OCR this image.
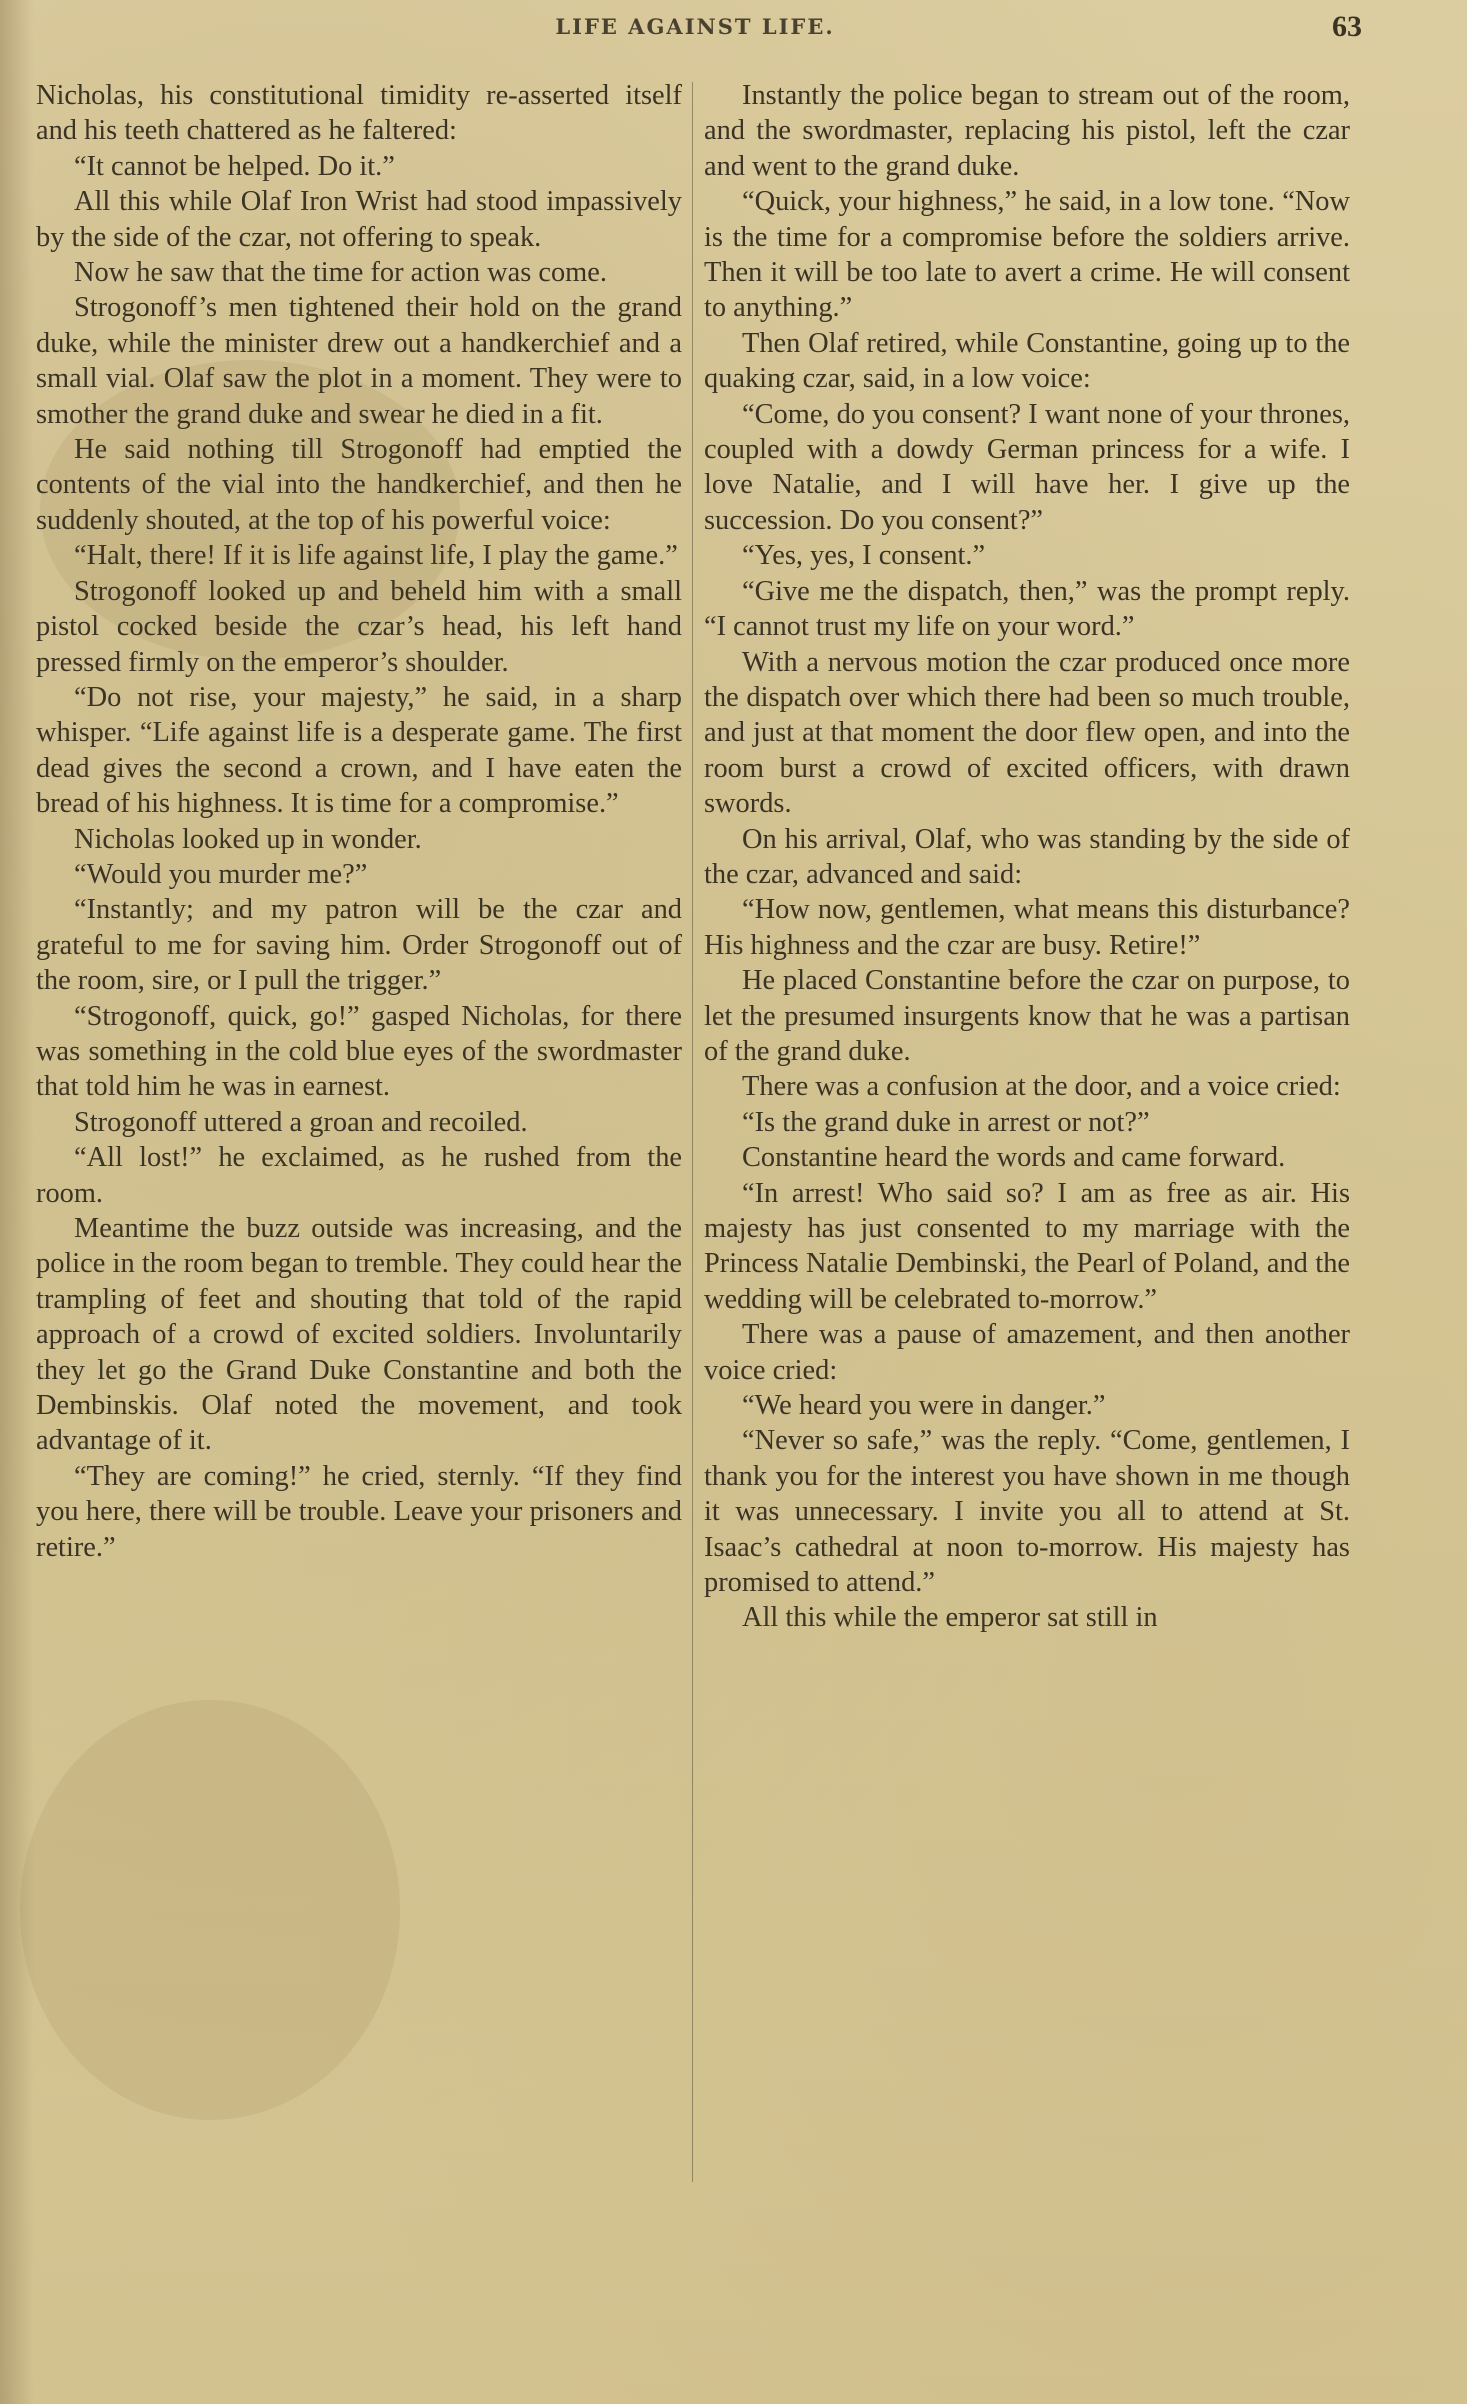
LIFE AGAINST LIFE.	63

Nicholas, his constitutional timidity re-asserted itself and his teeth chattered as he faltered:

“It cannot be helped. Do it.”

All this while Olaf Iron Wrist had stood impassively by the side of the czar, not offering to speak.

Now he saw that the time for action was come.

Strogonoff’s men tightened their hold on the grand duke, while the minister drew out a handkerchief and a small vial. Olaf saw the plot in a moment. They were to smother the grand duke and swear he died in a fit.

He said nothing till Strogonoff had emptied the contents of the vial into the handkerchief, and then he suddenly shouted, at the top of his powerful voice:

“Halt, there! If it is life against life, I play the game.”

Strogonoff looked up and beheld him with a small pistol cocked beside the czar’s head, his left hand pressed firmly on the emperor’s shoulder.

“Do not rise, your majesty,” he said, in a sharp whisper. “Life against life is a desperate game. The first dead gives the second a crown, and I have eaten the bread of his highness. It is time for a compromise.”

Nicholas looked up in wonder.

“Would you murder me?”

“Instantly; and my patron will be the czar and grateful to me for saving him. Order Strogonoff out of the room, sire, or I pull the trigger.”

“Strogonoff, quick, go!” gasped Nicholas, for there was something in the cold blue eyes of the swordmaster that told him he was in earnest.

Strogonoff uttered a groan and recoiled.

“All lost!” he exclaimed, as he rushed from the room.

Meantime the buzz outside was increasing, and the police in the room began to tremble. They could hear the trampling of feet and shouting that told of the rapid approach of a crowd of excited soldiers. Involuntarily they let go the Grand Duke Constantine and both the Dembinskis. Olaf noted the movement, and took advantage of it.

“They are coming!” he cried, sternly. “If they find you here, there will be trouble. Leave your prisoners and retire.”

Instantly the police began to stream out of the room, and the swordmaster, replacing his pistol, left the czar and went to the grand duke.

“Quick, your highness,” he said, in a low tone. “Now is the time for a compromise before the soldiers arrive. Then it will be too late to avert a crime. He will consent to anything.”

Then Olaf retired, while Constantine, going up to the quaking czar, said, in a low voice:

“Come, do you consent? I want none of your thrones, coupled with a dowdy German princess for a wife. I love Natalie, and I will have her. I give up the succession. Do you consent?”

“Yes, yes, I consent.”

“Give me the dispatch, then,” was the prompt reply. “I cannot trust my life on your word.”

With a nervous motion the czar produced once more the dispatch over which there had been so much trouble, and just at that moment the door flew open, and into the room burst a crowd of excited officers, with drawn swords.

On his arrival, Olaf, who was standing by the side of the czar, advanced and said:

“How now, gentlemen, what means this disturbance? His highness and the czar are busy. Retire!”

He placed Constantine before the czar on purpose, to let the presumed insurgents know that he was a partisan of the grand duke.

There was a confusion at the door, and a voice cried:

“Is the grand duke in arrest or not?”

Constantine heard the words and came forward.

“In arrest! Who said so? I am as free as air. His majesty has just consented to my marriage with the Princess Natalie Dembinski, the Pearl of Poland, and the wedding will be celebrated to-morrow.”

There was a pause of amazement, and then another voice cried:

“We heard you were in danger.”

“Never so safe,” was the reply. “Come, gentlemen, I thank you for the interest you have shown in me though it was unnecessary. I invite you all to attend at St. Isaac’s cathedral at noon to-morrow. His majesty has promised to attend.”

All this while the emperor sat still in
